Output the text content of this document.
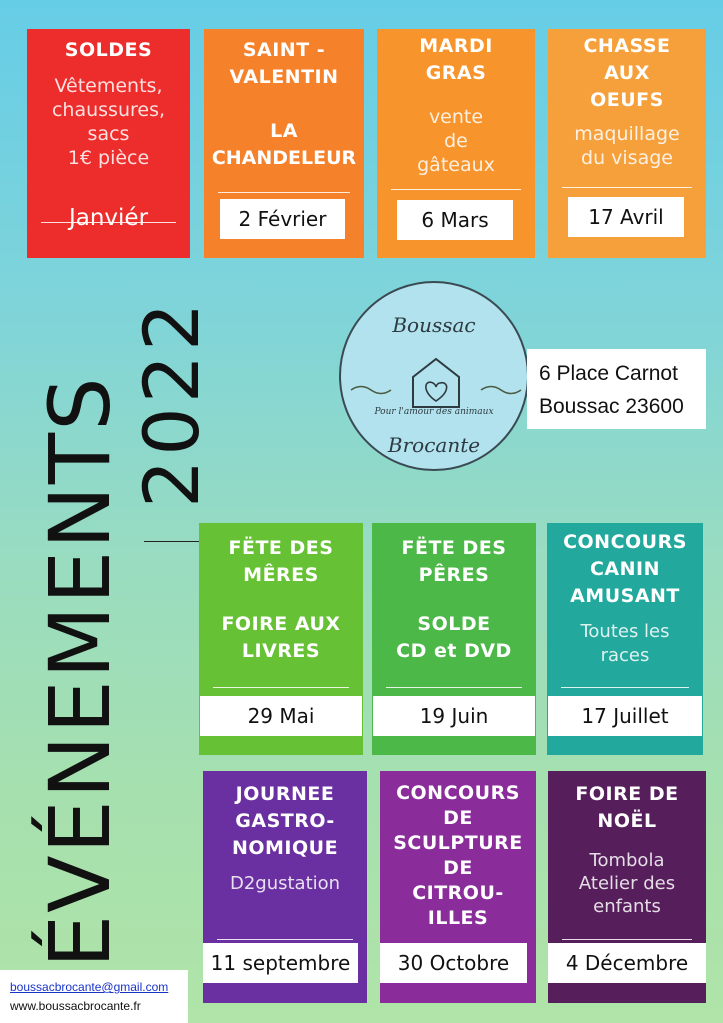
SOLDES
Vêtements,
chaussures,
sacs
1€ pièce
Janviér
SAINT -
VALENTIN
LA
CHANDELEUR
2 Février
MARDI
GRAS
vente
de
gâteaux
6 Mars
CHASSE
AUX
OEUFS
maquillage
du visage
17 Avril
ÉVÉNEMENTS
2022	Boussac
Pour l'amour des animaux
Brocante
6 Place Carnot
Boussac 23600
FËTE DES
MÊRES
FOIRE AUX
LIVRES
29 Mai
FËTE DES
PÊRES
SOLDE
CD et DVD
19 Juin
CONCOURS
CANIN
AMUSANT
Toutes les
races
17 Juillet
JOURNEE
GASTRO-
NOMIQUE
D2gustation
11 septembre
CONCOURS
DE
SCULPTURE
DE
CITROU-
ILLES
30 Octobre
FOIRE DE
NOËL
Tombola
Atelier des
enfants
4 Décembre
boussacbrocante@gmail.com
www.boussacbrocante.fr
